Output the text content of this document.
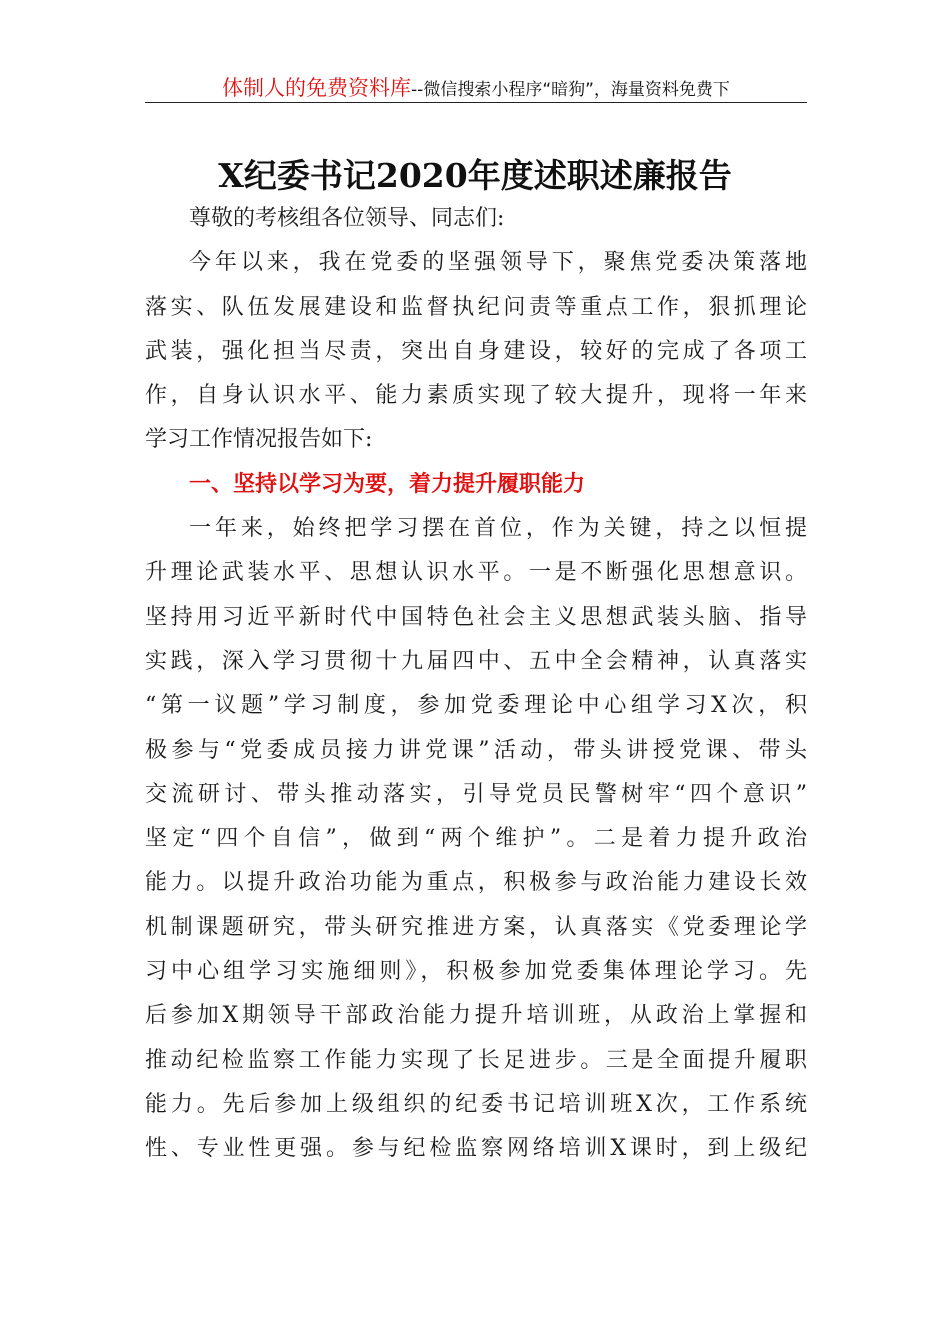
体制人的免费资料库--微信搜索小程序“暗狗”，海量资料免费下
X纪委书记2020年度述职述廉报告
尊敬的考核组各位领导、同志们:
今年以来，我在党委的坚强领导下，聚焦党委决策落地
落实、队伍发展建设和监督执纪问责等重点工作，狠抓理论
武装，强化担当尽责，突出自身建设，较好的完成了各项工
作，自身认识水平、能力素质实现了较大提升，现将一年来
学习工作情况报告如下:
一、坚持以学习为要，着力提升履职能力
一年来，始终把学习摆在首位，作为关键，持之以恒提
升理论武装水平、思想认识水平。一是不断强化思想意识。
坚持用习近平新时代中国特色社会主义思想武装头脑、指导
实践，深入学习贯彻十九届四中、五中全会精神，认真落实
“第一议题”学习制度，参加党委理论中心组学习X次，积
极参与“党委成员接力讲党课”活动，带头讲授党课、带头
交流研讨、带头推动落实，引导党员民警树牢“四个意识”
坚定“四个自信”，做到“两个维护”。二是着力提升政治
能力。以提升政治功能为重点，积极参与政治能力建设长效
机制课题研究，带头研究推进方案，认真落实《党委理论学
习中心组学习实施细则》，积极参加党委集体理论学习。先
后参加X期领导干部政治能力提升培训班，从政治上掌握和
推动纪检监察工作能力实现了长足进步。三是全面提升履职
能力。先后参加上级组织的纪委书记培训班X次，工作系统
性、专业性更强。参与纪检监察网络培训X课时，到上级纪
